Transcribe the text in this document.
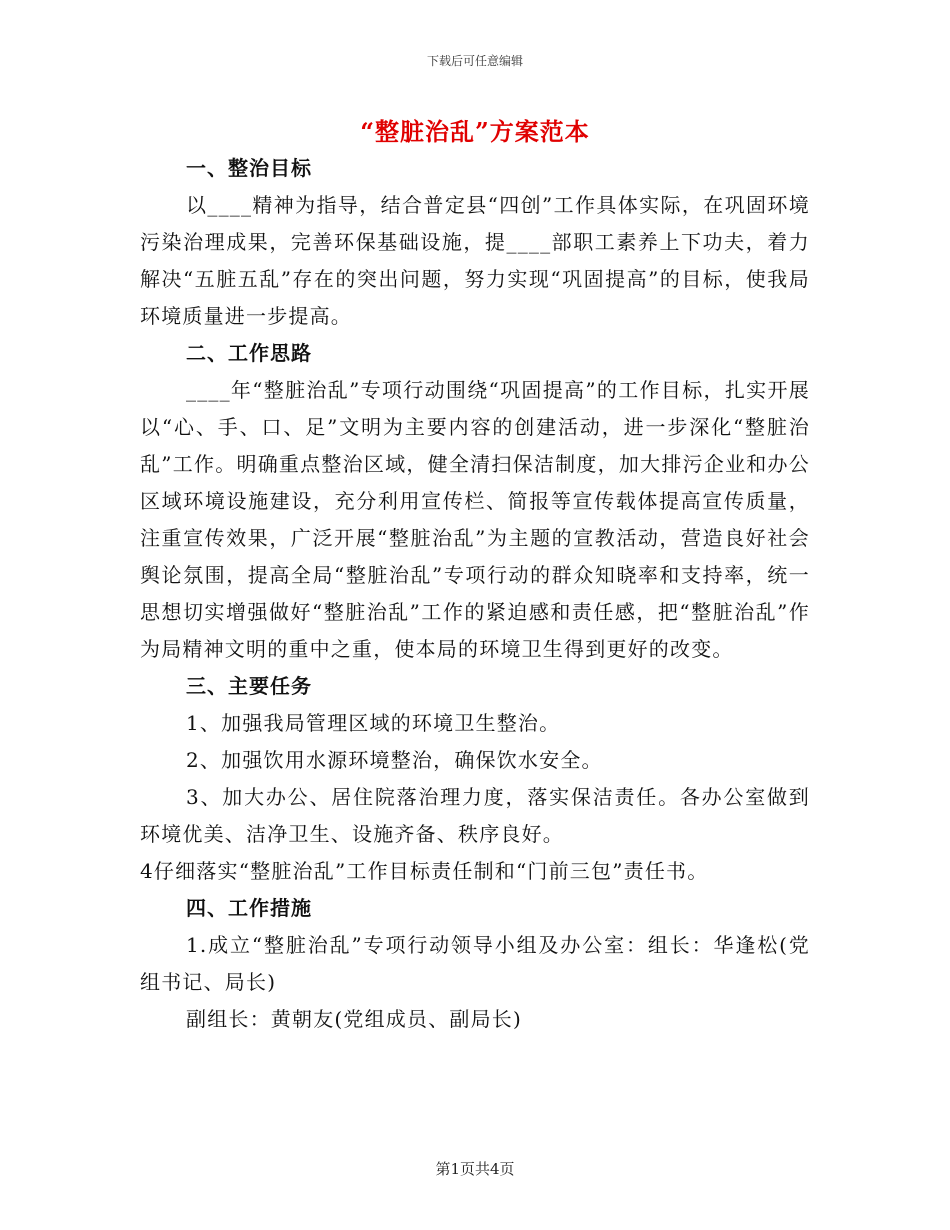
下载后可任意编辑
“整脏治乱”方案范本

一、整治目标

以____精神为指导，结合普定县“四创”工作具体实际，在巩固环境污染治理成果，完善环保基础设施，提____部职工素养上下功夫，着力解决“五脏五乱”存在的突出问题，努力实现“巩固提高”的目标，使我局环境质量进一步提高。

二、工作思路

____年“整脏治乱”专项行动围绕“巩固提高”的工作目标，扎实开展以“心、手、口、足”文明为主要内容的创建活动，进一步深化“整脏治乱”工作。明确重点整治区域，健全清扫保洁制度，加大排污企业和办公区域环境设施建设，充分利用宣传栏、简报等宣传载体提高宣传质量，注重宣传效果，广泛开展“整脏治乱”为主题的宣教活动，营造良好社会舆论氛围，提高全局“整脏治乱”专项行动的群众知晓率和支持率，统一思想切实增强做好“整脏治乱”工作的紧迫感和责任感，把“整脏治乱”作为局精神文明的重中之重，使本局的环境卫生得到更好的改变。

三、主要任务

1、加强我局管理区域的环境卫生整治。

2、加强饮用水源环境整治，确保饮水安全。

3、加大办公、居住院落治理力度，落实保洁责任。各办公室做到环境优美、洁净卫生、设施齐备、秩序良好。

4仔细落实“整脏治乱”工作目标责任制和“门前三包”责任书。

四、工作措施

1.成立“整脏治乱”专项行动领导小组及办公室：组长：华逢松(党组书记、局长)

副组长：黄朝友(党组成员、副局长)

第1页共4页
